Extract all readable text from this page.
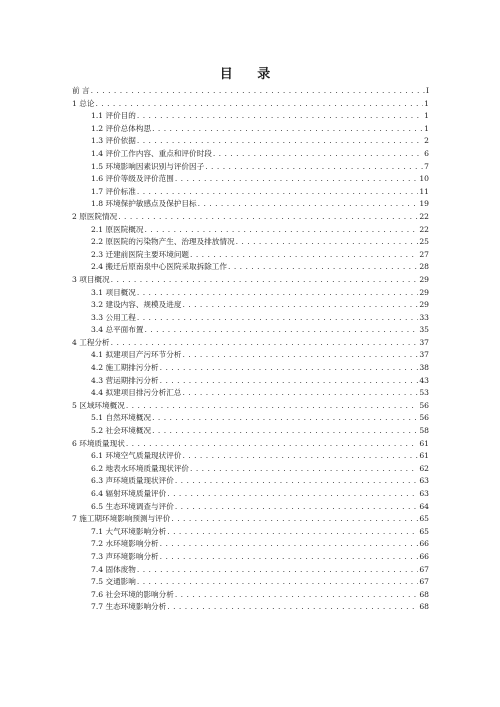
目 录
前 言 . . .	I
1 总论 . . .	1
1.1 评价目的 . . .	1
1.2 评价总体构思 . . .	1
1.3 评价依据 . . .	2
1.4 评价工作内容、重点和评价时段 . . .	6
1.5 环境影响因素识别与评价因子 . . .	7
1.6 评价等级及评价范围 . . .	10
1.7 评价标准 . . .	11
1.8 环境保护敏感点及保护目标 . . .	19
2 原医院情况 . . .	22
2.1 原医院概况 . . .	22
2.2 原医院的污染物产生、治理及排放情况 . . .	25
2.3 迁建前医院主要环境问题 . . .	27
2.4 搬迁后原南泉中心医院采取拆除工作 . . .	28
3 项目概况 . . .	29
3.1 项目概况 . . .	29
3.2 建设内容、规模及进度 . . .	29
3.3 公用工程 . . .	33
3.4 总平面布置 . . .	35
4 工程分析 . . .	37
4.1 拟建项目产污环节分析 . . .	37
4.2 施工期排污分析 . . .	38
4.3 营运期排污分析 . . .	43
4.4 拟建项目排污分析汇总 . . .	53
5 区域环境概况 . . .	56
5.1 自然环境概况 . . .	56
5.2 社会环境概况 . . .	58
6 环境质量现状 . . .	61
6.1 环境空气质量现状评价 . . .	61
6.2 地表水环境质量现状评价 . . .	62
6.3 声环境质量现状评价 . . .	63
6.4 辐射环境质量评价 . . .	63
6.5 生态环境调查与评价 . . .	64
7 施工期环境影响预测与评价 . . .	65
7.1 大气环境影响分析 . . .	65
7.2 水环境影响分析 . . .	66
7.3 声环境影响分析 . . .	66
7.4 固体废物 . . .	67
7.5 交通影响 . . .	67
7.6 社会环境的影响分析 . . .	68
7.7 生态环境影响分析 . . .	68
